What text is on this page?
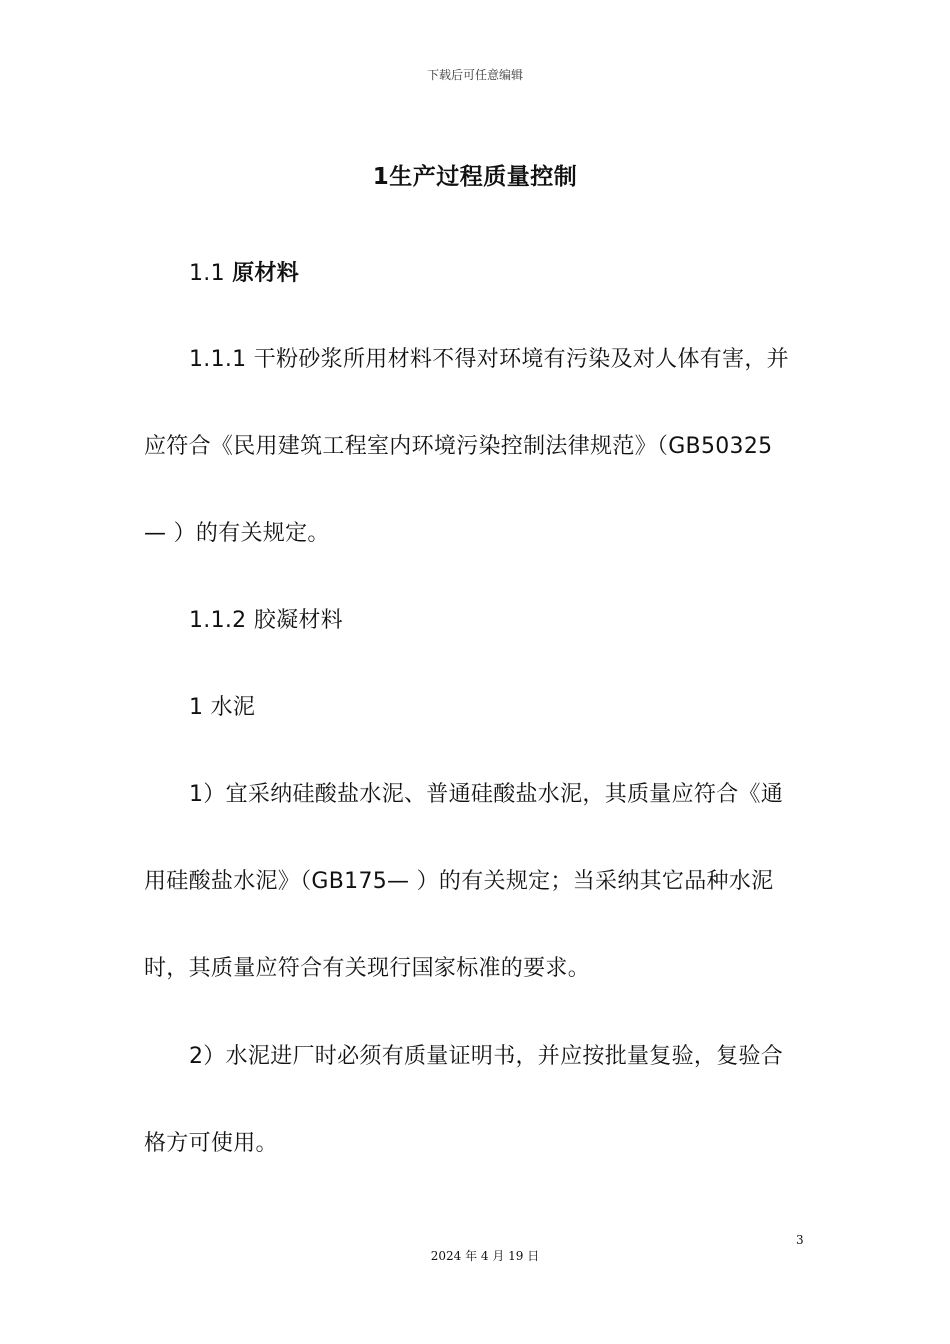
下载后可任意编辑
1生产过程质量控制
1.1 原材料
1.1.1 干粉砂浆所用材料不得对环境有污染及对人体有害，并
应符合《民用建筑工程室内环境污染控制法律规范》（GB50325
— ）的有关规定。
1.1.2 胶凝材料
1 水泥
1）宜采纳硅酸盐水泥、普通硅酸盐水泥，其质量应符合《通
用硅酸盐水泥》（GB175— ）的有关规定；当采纳其它品种水泥
时，其质量应符合有关现行国家标准的要求。
2）水泥进厂时必须有质量证明书，并应按批量复验，复验合
格方可使用。
3
2024 年 4 月 19 日
